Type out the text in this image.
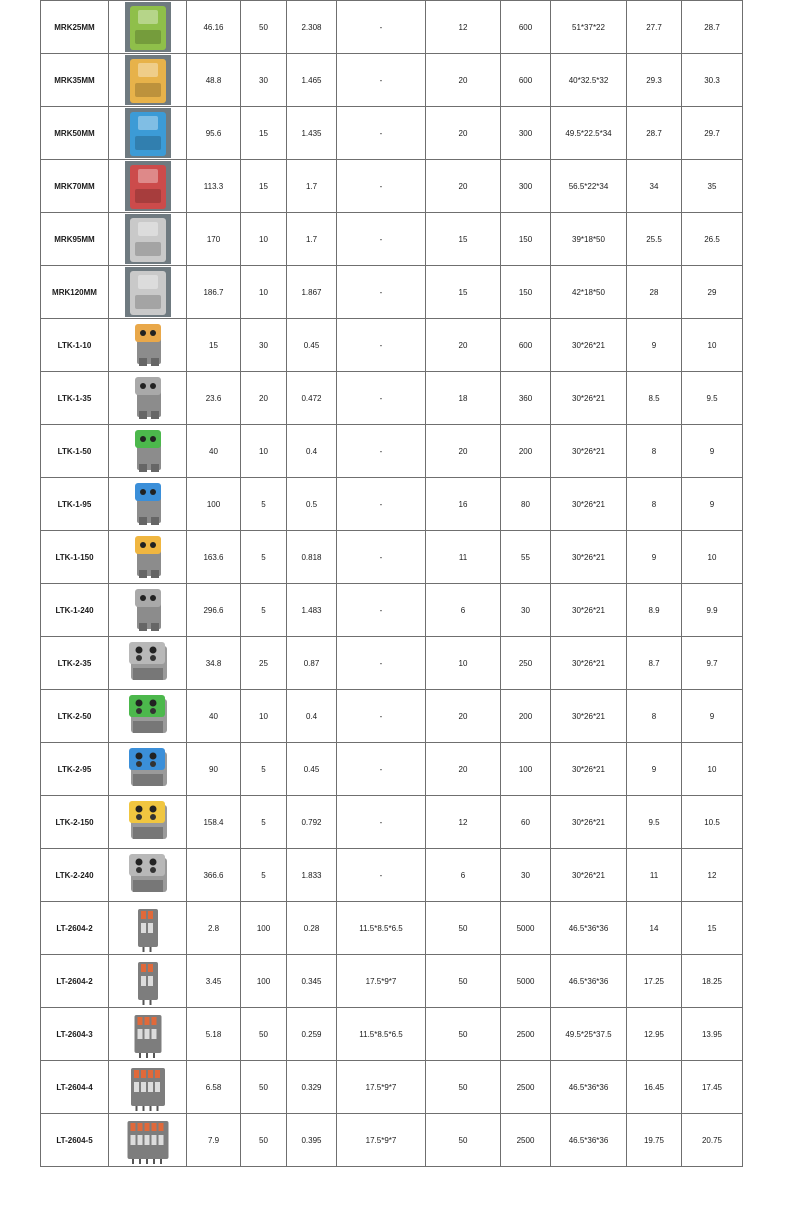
MRK25MM		46.16	50	2.308	-	12	600	51*37*22	27.7	28.7
MRK35MM		48.8	30	1.465	-	20	600	40*32.5*32	29.3	30.3
MRK50MM		95.6	15	1.435	-	20	300	49.5*22.5*34	28.7	29.7
MRK70MM		113.3	15	1.7	-	20	300	56.5*22*34	34	35
MRK95MM		170	10	1.7	-	15	150	39*18*50	25.5	26.5
MRK120MM		186.7	10	1.867	-	15	150	42*18*50	28	29
LTK-1-10		15	30	0.45	-	20	600	30*26*21	9	10
LTK-1-35		23.6	20	0.472	-	18	360	30*26*21	8.5	9.5
LTK-1-50		40	10	0.4	-	20	200	30*26*21	8	9
LTK-1-95		100	5	0.5	-	16	80	30*26*21	8	9
LTK-1-150		163.6	5	0.818	-	11	55	30*26*21	9	10
LTK-1-240		296.6	5	1.483	-	6	30	30*26*21	8.9	9.9
LTK-2-35		34.8	25	0.87	-	10	250	30*26*21	8.7	9.7
LTK-2-50		40	10	0.4	-	20	200	30*26*21	8	9
LTK-2-95		90	5	0.45	-	20	100	30*26*21	9	10
LTK-2-150		158.4	5	0.792	-	12	60	30*26*21	9.5	10.5
LTK-2-240		366.6	5	1.833	-	6	30	30*26*21	11	12
LT-2604-2		2.8	100	0.28	11.5*8.5*6.5	50	5000	46.5*36*36	14	15
LT-2604-2		3.45	100	0.345	17.5*9*7	50	5000	46.5*36*36	17.25	18.25
LT-2604-3		5.18	50	0.259	11.5*8.5*6.5	50	2500	49.5*25*37.5	12.95	13.95
LT-2604-4		6.58	50	0.329	17.5*9*7	50	2500	46.5*36*36	16.45	17.45
LT-2604-5		7.9	50	0.395	17.5*9*7	50	2500	46.5*36*36	19.75	20.75
